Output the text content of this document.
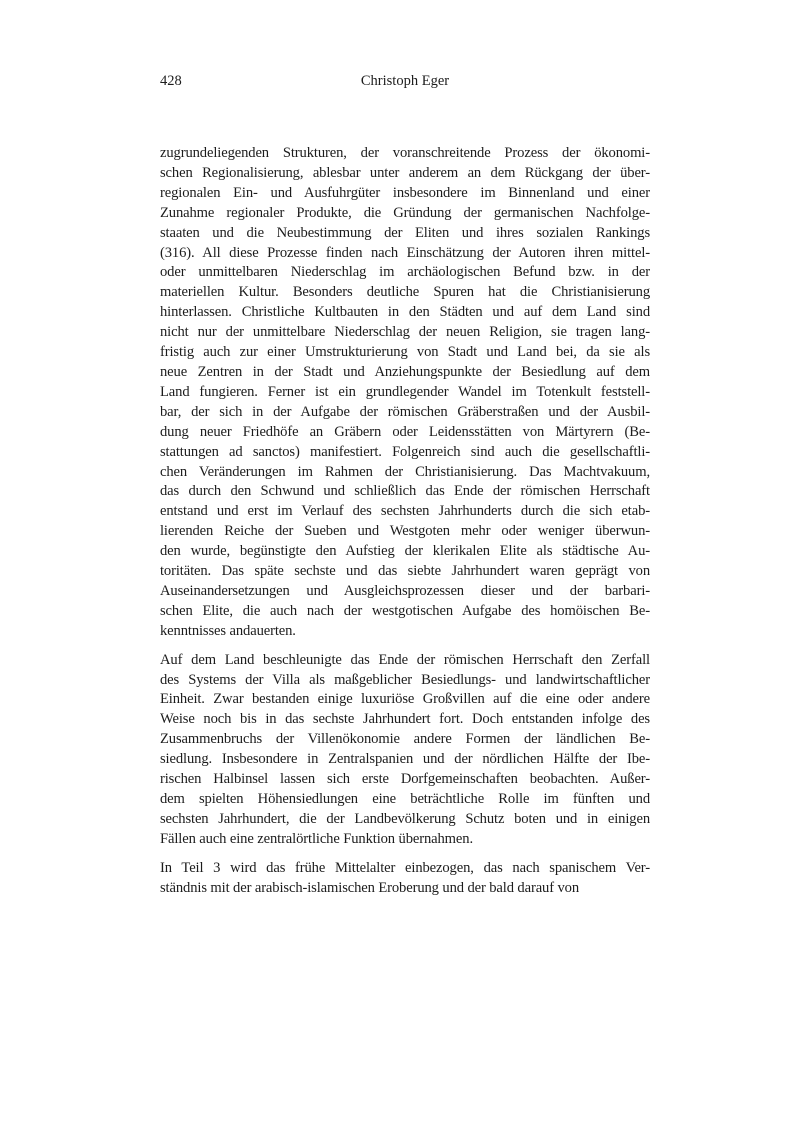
428	Christoph Eger
zugrundeliegenden Strukturen, der voranschreitende Prozess der ökonomi-
schen Regionalisierung, ablesbar unter anderem an dem Rückgang der über-
regionalen Ein- und Ausfuhrgüter insbesondere im Binnenland und einer
Zunahme regionaler Produkte, die Gründung der germanischen Nachfolge-
staaten und die Neubestimmung der Eliten und ihres sozialen Rankings
(316). All diese Prozesse finden nach Einschätzung der Autoren ihren mittel-
oder unmittelbaren Niederschlag im archäologischen Befund bzw. in der
materiellen Kultur. Besonders deutliche Spuren hat die Christianisierung
hinterlassen. Christliche Kultbauten in den Städten und auf dem Land sind
nicht nur der unmittelbare Niederschlag der neuen Religion, sie tragen lang-
fristig auch zur einer Umstrukturierung von Stadt und Land bei, da sie als
neue Zentren in der Stadt und Anziehungspunkte der Besiedlung auf dem
Land fungieren. Ferner ist ein grundlegender Wandel im Totenkult feststell-
bar, der sich in der Aufgabe der römischen Gräberstraßen und der Ausbil-
dung neuer Friedhöfe an Gräbern oder Leidensstätten von Märtyrern (Be-
stattungen ad sanctos) manifestiert. Folgenreich sind auch die gesellschaftli-
chen Veränderungen im Rahmen der Christianisierung. Das Machtvakuum,
das durch den Schwund und schließlich das Ende der römischen Herrschaft
entstand und erst im Verlauf des sechsten Jahrhunderts durch die sich etab-
lierenden Reiche der Sueben und Westgoten mehr oder weniger überwun-
den wurde, begünstigte den Aufstieg der klerikalen Elite als städtische Au-
toritäten. Das späte sechste und das siebte Jahrhundert waren geprägt von
Auseinandersetzungen und Ausgleichsprozessen dieser und der barbari-
schen Elite, die auch nach der westgotischen Aufgabe des homöischen Be-
kenntnisses andauerten.
Auf dem Land beschleunigte das Ende der römischen Herrschaft den Zerfall
des Systems der Villa als maßgeblicher Besiedlungs- und landwirtschaftlicher
Einheit. Zwar bestanden einige luxuriöse Großvillen auf die eine oder andere
Weise noch bis in das sechste Jahrhundert fort. Doch entstanden infolge des
Zusammenbruchs der Villenökonomie andere Formen der ländlichen Be-
siedlung. Insbesondere in Zentralspanien und der nördlichen Hälfte der Ibe-
rischen Halbinsel lassen sich erste Dorfgemeinschaften beobachten. Außer-
dem spielten Höhensiedlungen eine beträchtliche Rolle im fünften und
sechsten Jahrhundert, die der Landbevölkerung Schutz boten und in einigen
Fällen auch eine zentralörtliche Funktion übernahmen.
In Teil 3 wird das frühe Mittelalter einbezogen, das nach spanischem Ver-
ständnis mit der arabisch-islamischen Eroberung und der bald darauf von
